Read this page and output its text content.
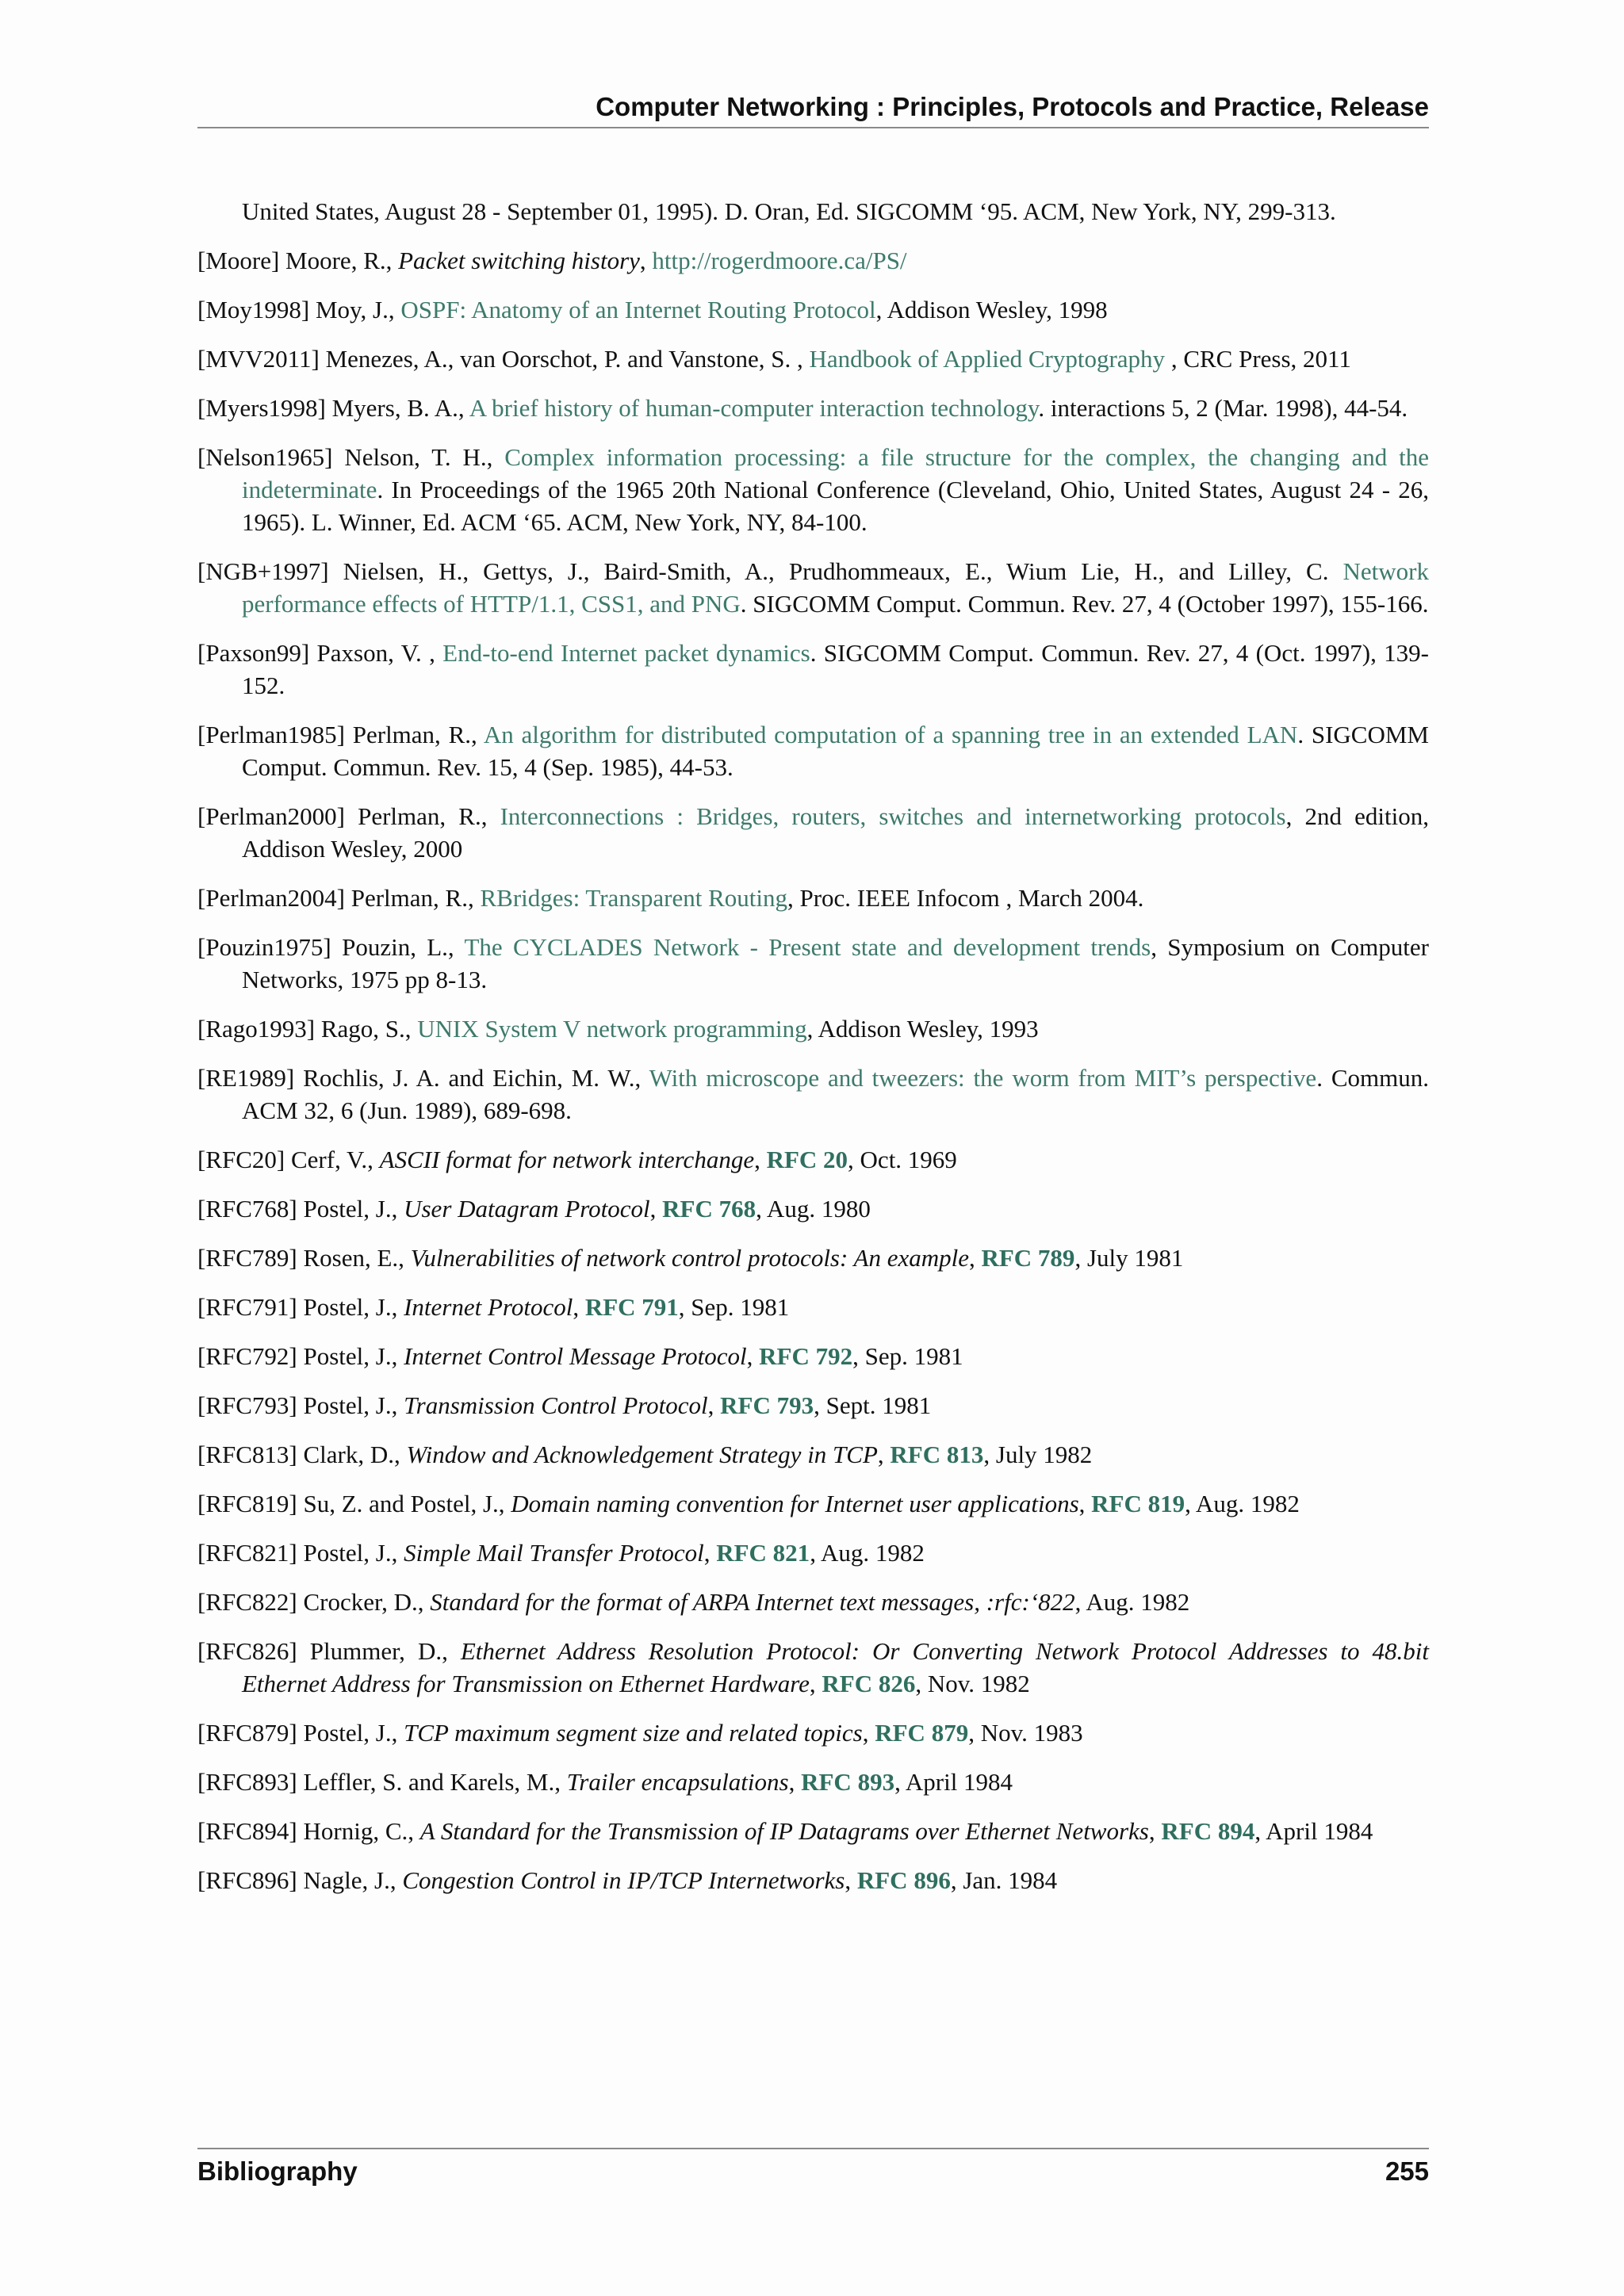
Computer Networking : Principles, Protocols and Practice, Release

United States, August 28 - September 01, 1995). D. Oran, Ed. SIGCOMM ‘95. ACM, New York, NY, 299-313.

[Moore] Moore, R., Packet switching history, http://rogerdmoore.ca/PS/

[Moy1998] Moy, J., OSPF: Anatomy of an Internet Routing Protocol, Addison Wesley, 1998

[MVV2011] Menezes, A., van Oorschot, P. and Vanstone, S. , Handbook of Applied Cryptography , CRC Press, 2011

[Myers1998] Myers, B. A., A brief history of human-computer interaction technology. interactions 5, 2 (Mar. 1998), 44-54.

[Nelson1965] Nelson, T. H., Complex information processing: a file structure for the complex, the changing and the indeterminate. In Proceedings of the 1965 20th National Conference (Cleveland, Ohio, United States, August 24 - 26, 1965). L. Winner, Ed. ACM ‘65. ACM, New York, NY, 84-100.

[NGB+1997] Nielsen, H., Gettys, J., Baird-Smith, A., Prudhommeaux, E., Wium Lie, H., and Lilley, C. Network performance effects of HTTP/1.1, CSS1, and PNG. SIGCOMM Comput. Commun. Rev. 27, 4 (October 1997), 155-166.

[Paxson99] Paxson, V. , End-to-end Internet packet dynamics. SIGCOMM Comput. Commun. Rev. 27, 4 (Oct. 1997), 139-152.

[Perlman1985] Perlman, R., An algorithm for distributed computation of a spanning tree in an extended LAN. SIGCOMM Comput. Commun. Rev. 15, 4 (Sep. 1985), 44-53.

[Perlman2000] Perlman, R., Interconnections : Bridges, routers, switches and internetworking protocols, 2nd edition, Addison Wesley, 2000

[Perlman2004] Perlman, R., RBridges: Transparent Routing, Proc. IEEE Infocom , March 2004.

[Pouzin1975] Pouzin, L., The CYCLADES Network - Present state and development trends, Symposium on Computer Networks, 1975 pp 8-13.

[Rago1993] Rago, S., UNIX System V network programming, Addison Wesley, 1993

[RE1989] Rochlis, J. A. and Eichin, M. W., With microscope and tweezers: the worm from MIT’s perspective. Commun. ACM 32, 6 (Jun. 1989), 689-698.

[RFC20] Cerf, V., ASCII format for network interchange, RFC 20, Oct. 1969

[RFC768] Postel, J., User Datagram Protocol, RFC 768, Aug. 1980

[RFC789] Rosen, E., Vulnerabilities of network control protocols: An example, RFC 789, July 1981

[RFC791] Postel, J., Internet Protocol, RFC 791, Sep. 1981

[RFC792] Postel, J., Internet Control Message Protocol, RFC 792, Sep. 1981

[RFC793] Postel, J., Transmission Control Protocol, RFC 793, Sept. 1981

[RFC813] Clark, D., Window and Acknowledgement Strategy in TCP, RFC 813, July 1982

[RFC819] Su, Z. and Postel, J., Domain naming convention for Internet user applications, RFC 819, Aug. 1982

[RFC821] Postel, J., Simple Mail Transfer Protocol, RFC 821, Aug. 1982

[RFC822] Crocker, D., Standard for the format of ARPA Internet text messages, :rfc:‘822, Aug. 1982

[RFC826] Plummer, D., Ethernet Address Resolution Protocol: Or Converting Network Protocol Addresses to 48.bit Ethernet Address for Transmission on Ethernet Hardware, RFC 826, Nov. 1982

[RFC879] Postel, J., TCP maximum segment size and related topics, RFC 879, Nov. 1983

[RFC893] Leffler, S. and Karels, M., Trailer encapsulations, RFC 893, April 1984

[RFC894] Hornig, C., A Standard for the Transmission of IP Datagrams over Ethernet Networks, RFC 894, April 1984

[RFC896] Nagle, J., Congestion Control in IP/TCP Internetworks, RFC 896, Jan. 1984

Bibliography	255
